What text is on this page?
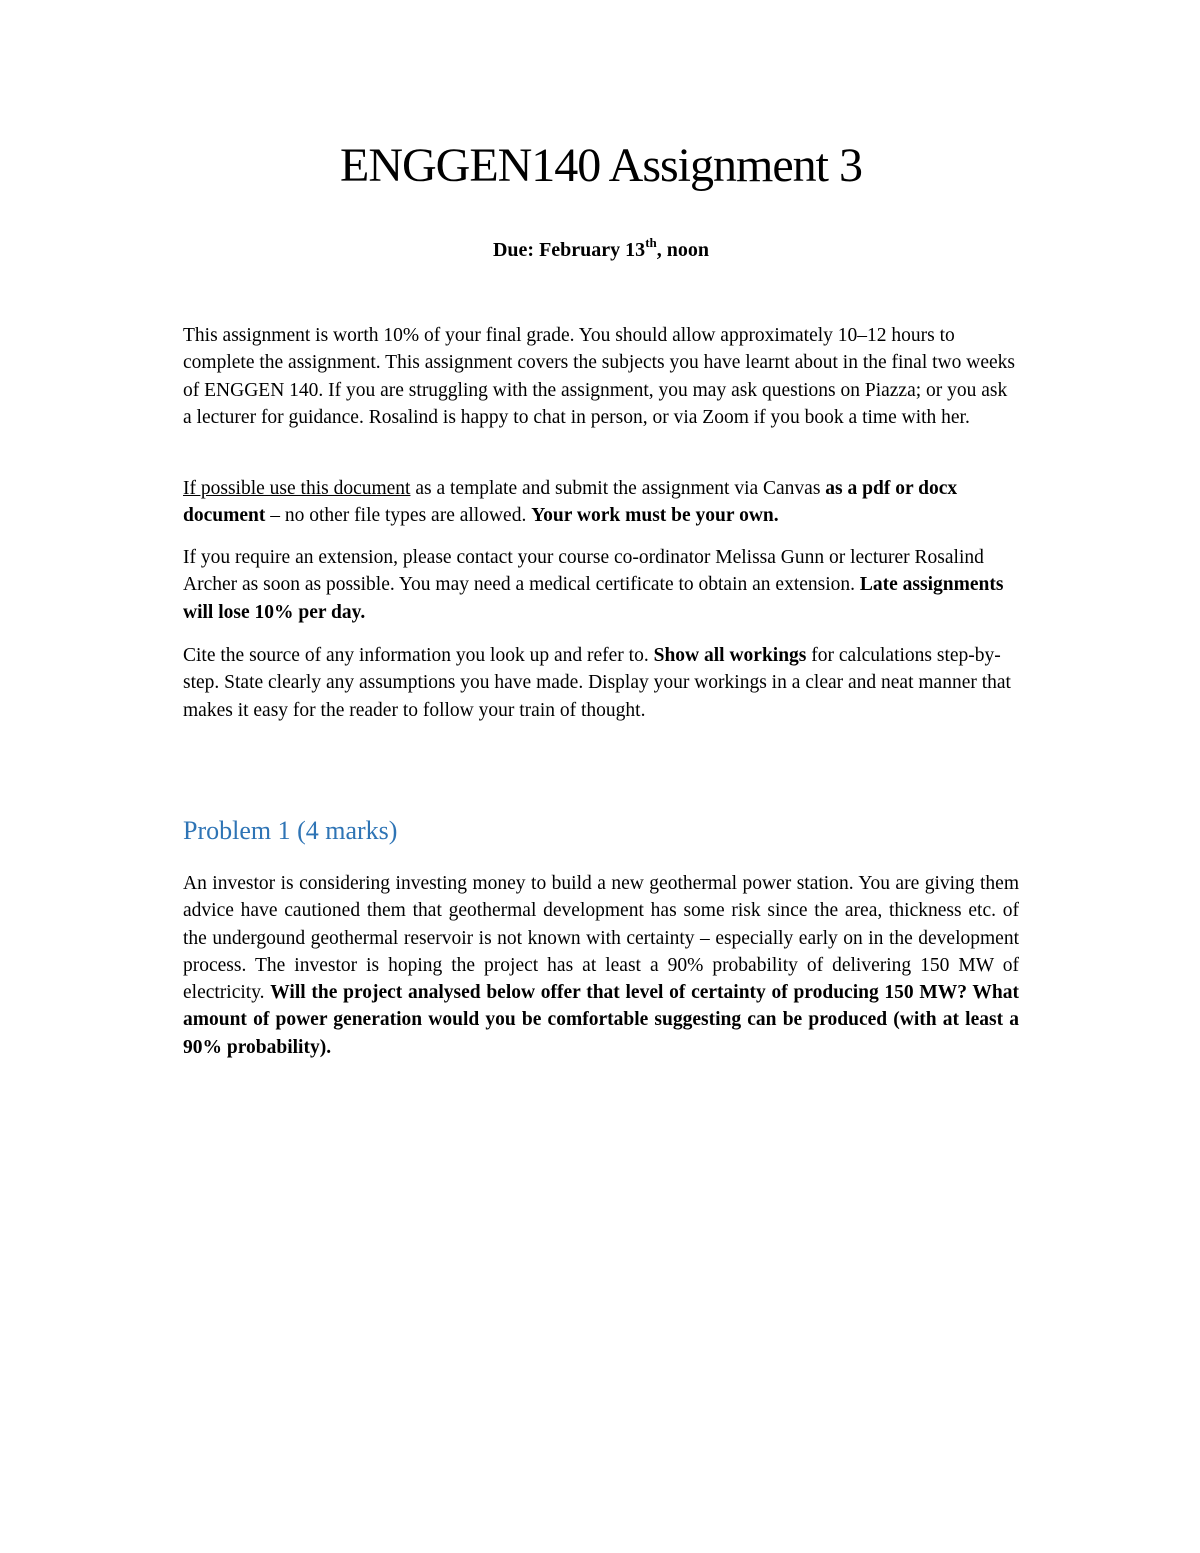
ENGGEN140 Assignment 3

Due: February 13th, noon

This assignment is worth 10% of your final grade. You should allow approximately 10–12 hours to complete the assignment. This assignment covers the subjects you have learnt about in the final two weeks of ENGGEN 140. If you are struggling with the assignment, you may ask questions on Piazza; or you ask a lecturer for guidance. Rosalind is happy to chat in person, or via Zoom if you book a time with her.

If possible use this document as a template and submit the assignment via Canvas as a pdf or docx document – no other file types are allowed. Your work must be your own.

If you require an extension, please contact your course co-ordinator Melissa Gunn or lecturer Rosalind Archer as soon as possible. You may need a medical certificate to obtain an extension. Late assignments will lose 10% per day.

Cite the source of any information you look up and refer to. Show all workings for calculations step-by-step. State clearly any assumptions you have made. Display your workings in a clear and neat manner that makes it easy for the reader to follow your train of thought.

Problem 1 (4 marks)

An investor is considering investing money to build a new geothermal power station. You are giving them advice have cautioned them that geothermal development has some risk since the area, thickness etc. of the undergound geothermal reservoir is not known with certainty – especially early on in the development process. The investor is hoping the project has at least a 90% probability of delivering 150 MW of electricity. Will the project analysed below offer that level of certainty of producing 150 MW? What amount of power generation would you be comfortable suggesting can be produced (with at least a 90% probability).
